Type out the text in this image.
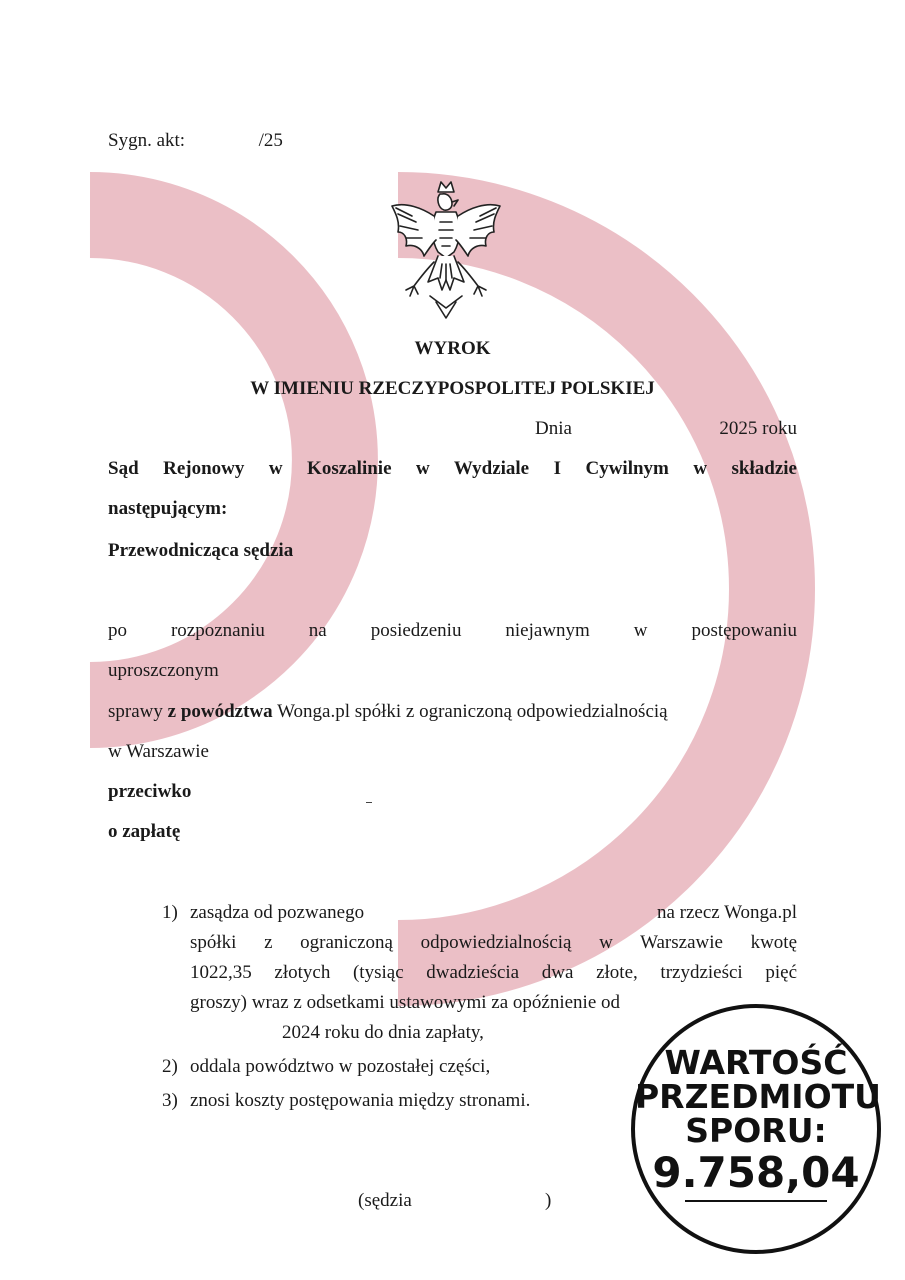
Sygn. akt:	/25
WYROK
W IMIENIU RZECZYPOSPOLITEJ POLSKIEJ
Dnia	2025 roku
Sąd Rejonowy w Koszalinie w Wydziale I Cywilnym w składzie
następującym:
Przewodnicząca sędzia
po rozpoznaniu na posiedzeniu niejawnym w postępowaniu
uproszczonym
sprawy z powództwa Wonga.pl spółki z ograniczoną odpowiedzialnością
w Warszawie
przeciwko
o zapłatę
1) zasądza od pozwanego	na rzecz Wonga.pl
spółki z ograniczoną odpowiedzialnością w Warszawie kwotę
1022,35 złotych (tysiąc dwadzieścia dwa złote, trzydzieści pięć
groszy) wraz z odsetkami ustawowymi za opóźnienie od
2024 roku do dnia zapłaty,
2) oddala powództwo w pozostałej części,
3) znosi koszty postępowania między stronami.
(sędzia	)
WARTOŚĆ
PRZEDMIOTU
SPORU:
9.758,04
